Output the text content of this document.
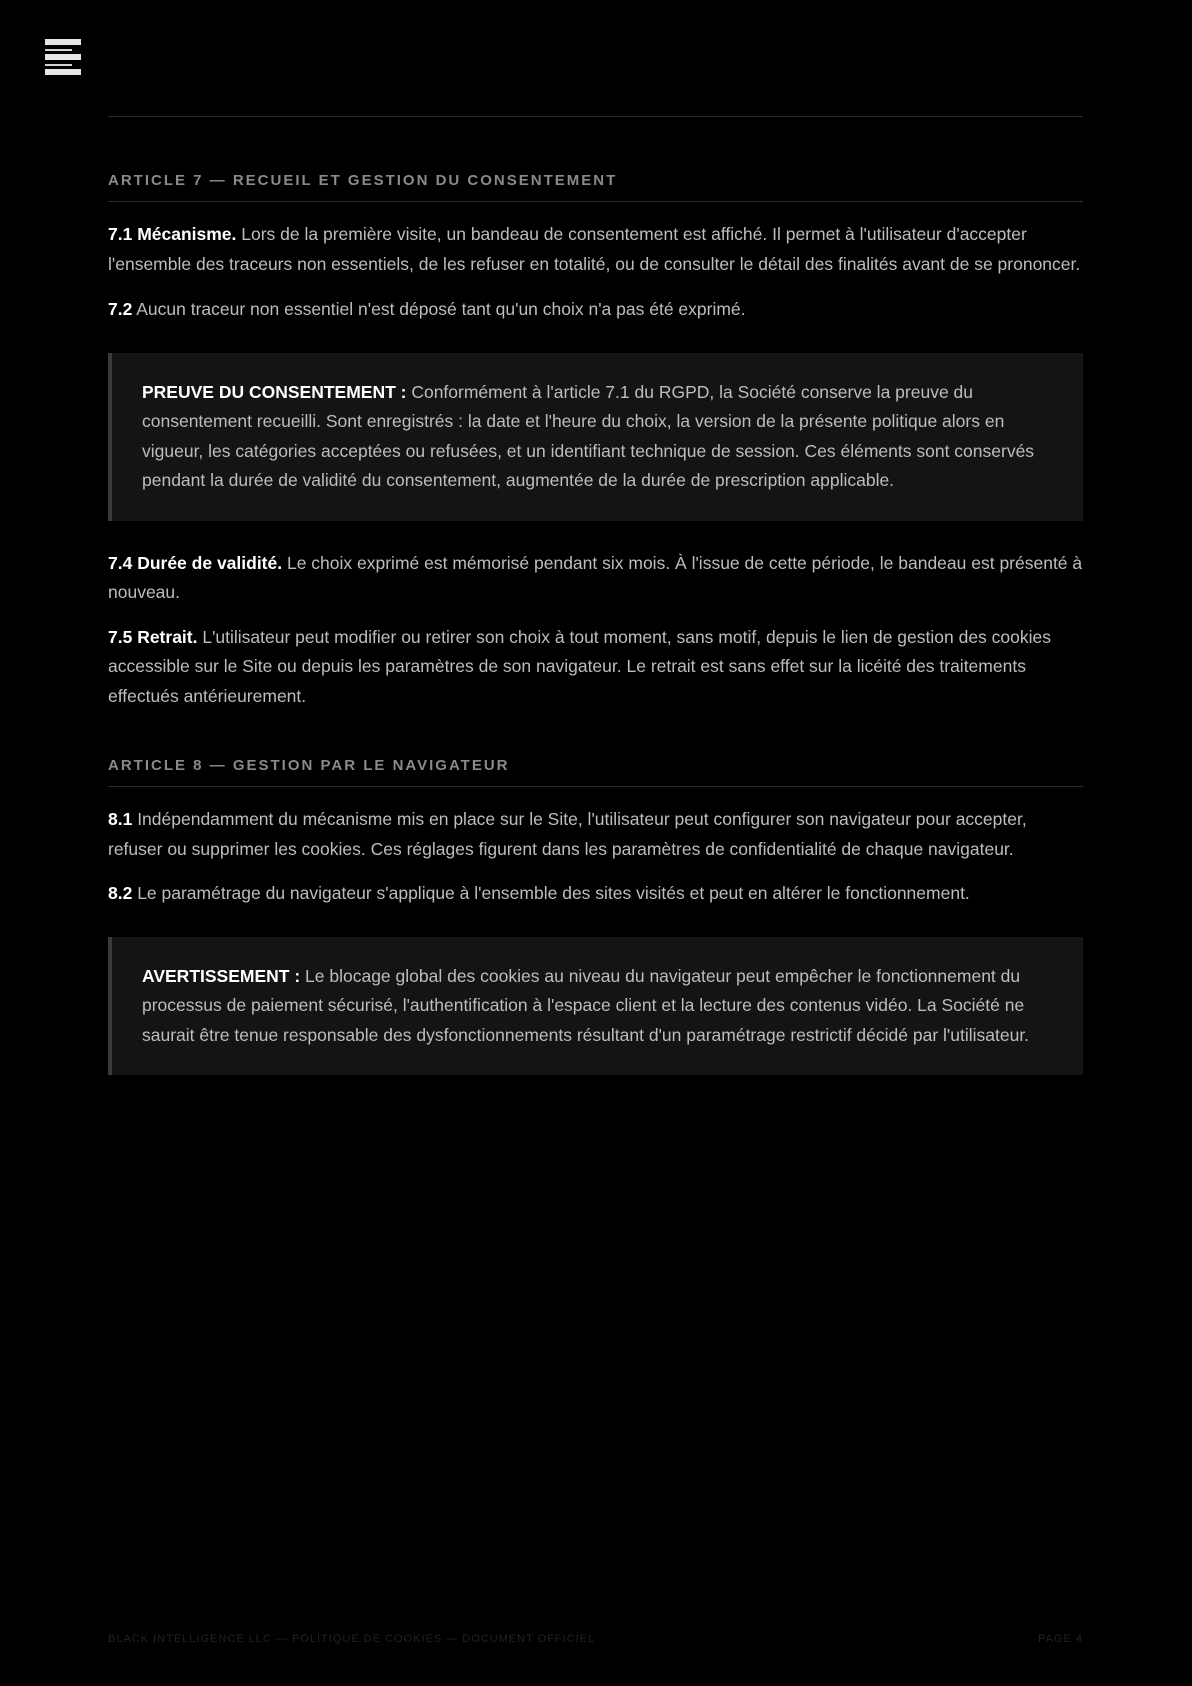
ARTICLE 7 — RECUEIL ET GESTION DU CONSENTEMENT

7.1 Mécanisme. Lors de la première visite, un bandeau de consentement est affiché. Il permet à l'utilisateur d'accepter l'ensemble des traceurs non essentiels, de les refuser en totalité, ou de consulter le détail des finalités avant de se prononcer.

7.2 Aucun traceur non essentiel n'est déposé tant qu'un choix n'a pas été exprimé.

PREUVE DU CONSENTEMENT : Conformément à l'article 7.1 du RGPD, la Société conserve la preuve du consentement recueilli. Sont enregistrés : la date et l'heure du choix, la version de la présente politique alors en vigueur, les catégories acceptées ou refusées, et un identifiant technique de session. Ces éléments sont conservés pendant la durée de validité du consentement, augmentée de la durée de prescription applicable.

7.4 Durée de validité. Le choix exprimé est mémorisé pendant six mois. À l'issue de cette période, le bandeau est présenté à nouveau.

7.5 Retrait. L'utilisateur peut modifier ou retirer son choix à tout moment, sans motif, depuis le lien de gestion des cookies accessible sur le Site ou depuis les paramètres de son navigateur. Le retrait est sans effet sur la licéité des traitements effectués antérieurement.

ARTICLE 8 — GESTION PAR LE NAVIGATEUR

8.1 Indépendamment du mécanisme mis en place sur le Site, l'utilisateur peut configurer son navigateur pour accepter, refuser ou supprimer les cookies. Ces réglages figurent dans les paramètres de confidentialité de chaque navigateur.

8.2 Le paramétrage du navigateur s'applique à l'ensemble des sites visités et peut en altérer le fonctionnement.

AVERTISSEMENT : Le blocage global des cookies au niveau du navigateur peut empêcher le fonctionnement du processus de paiement sécurisé, l'authentification à l'espace client et la lecture des contenus vidéo. La Société ne saurait être tenue responsable des dysfonctionnements résultant d'un paramétrage restrictif décidé par l'utilisateur.

BLACK INTELLIGENCE LLC — POLITIQUE DE COOKIES — DOCUMENT OFFICIEL	PAGE 4
